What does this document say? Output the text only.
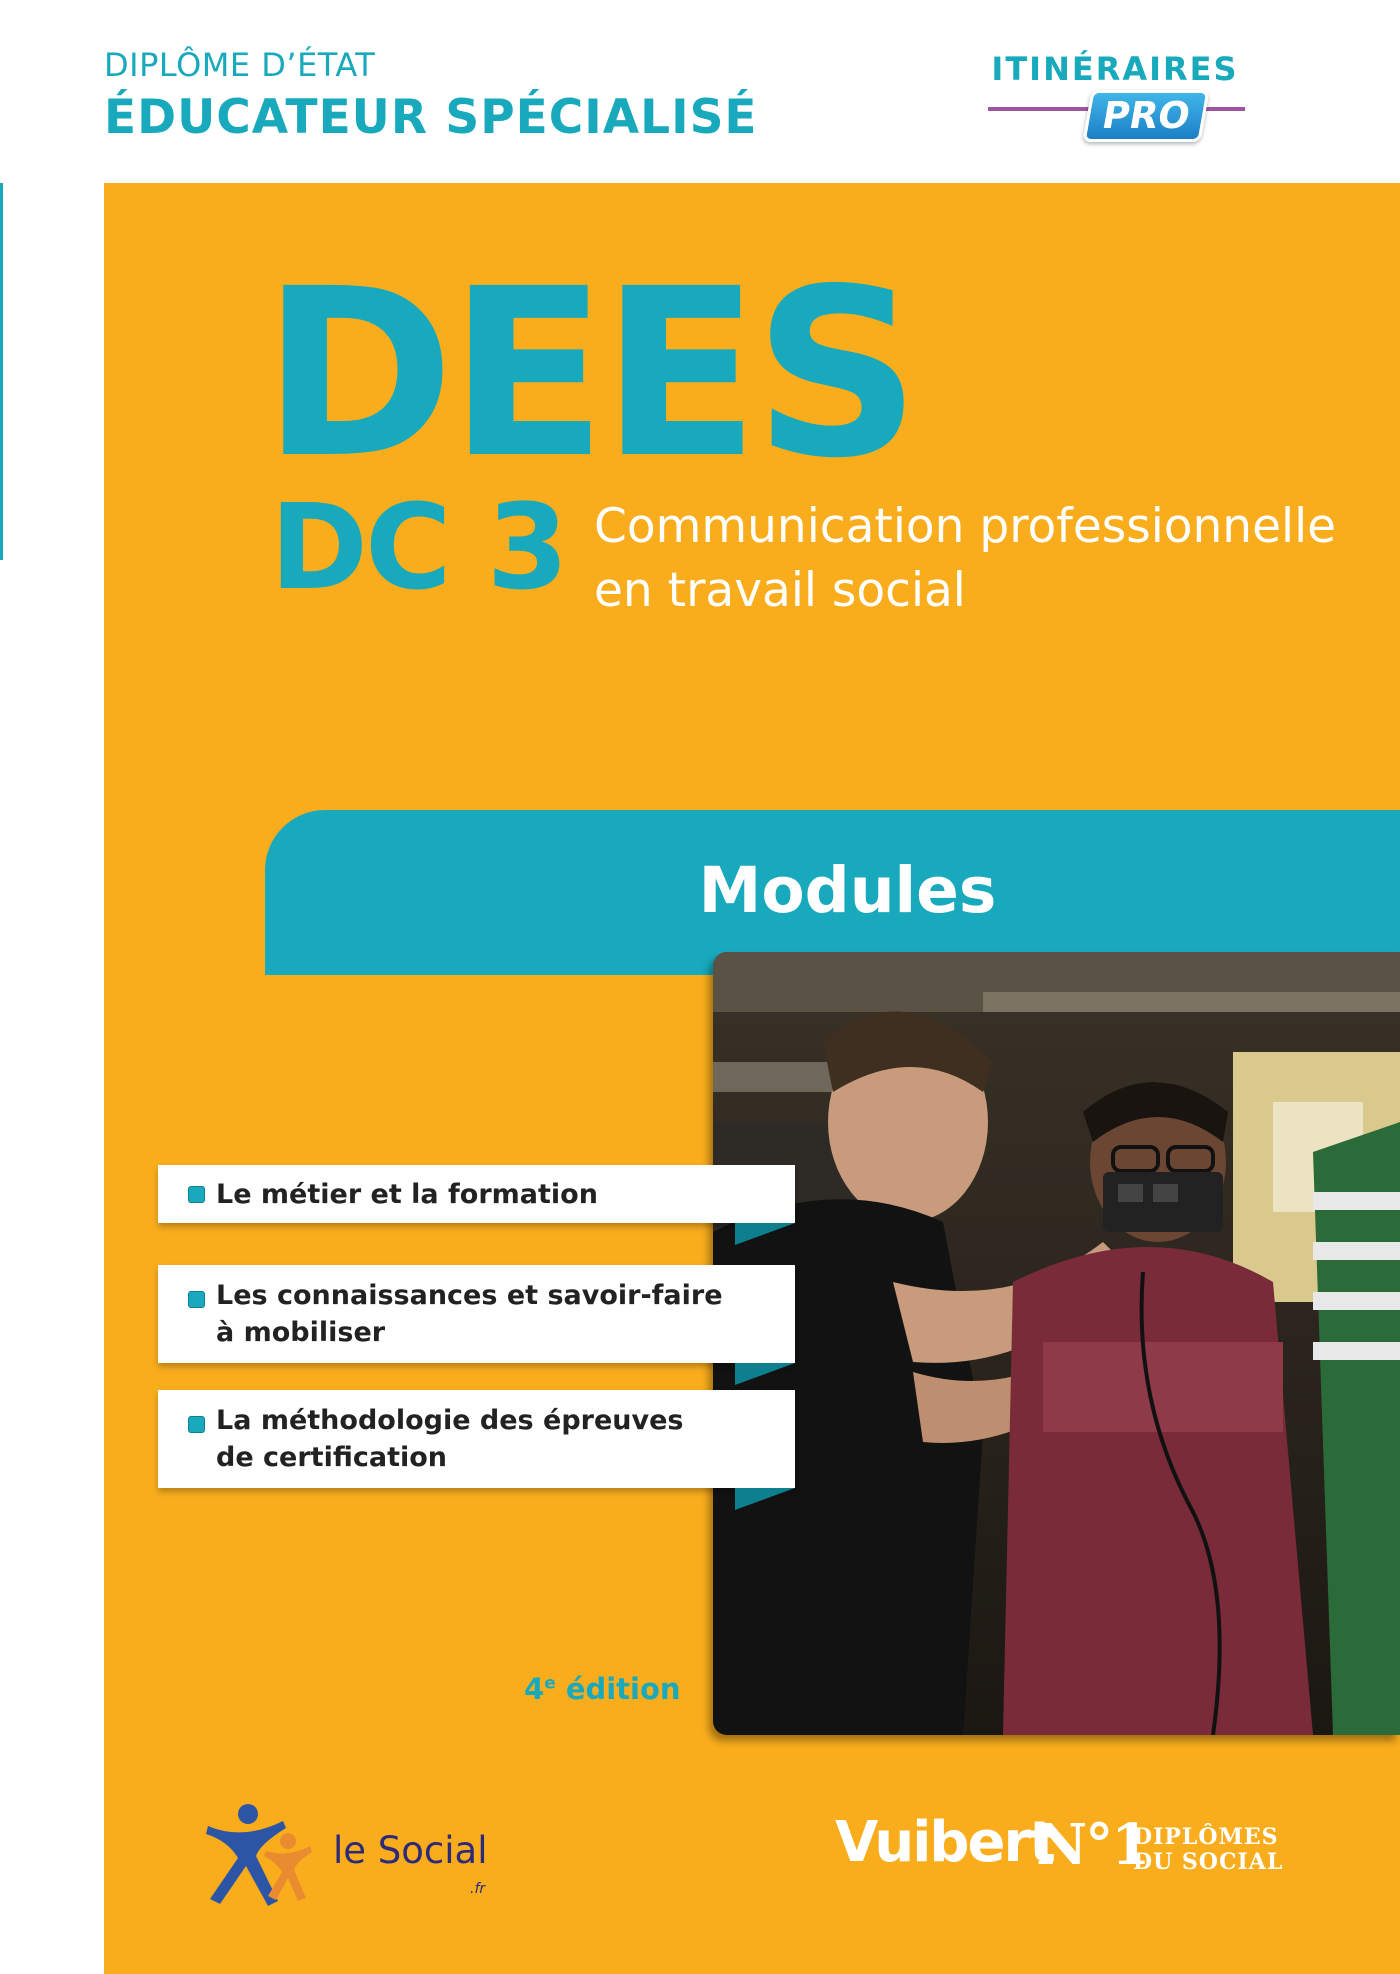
DIPLÔME D’ÉTAT
ÉDUCATEUR SPÉCIALISÉ
ITINÉRAIRES
PRO
DEES
DC 3 Communication professionnelle
en travail social
Modules
Le métier et la formation
Les connaissances et savoir-faire
à mobiliser
La méthodologie des épreuves
de certification
4e édition
le Social
.fr
Vuibert
N°1
DIPLÔMES
DU SOCIAL
